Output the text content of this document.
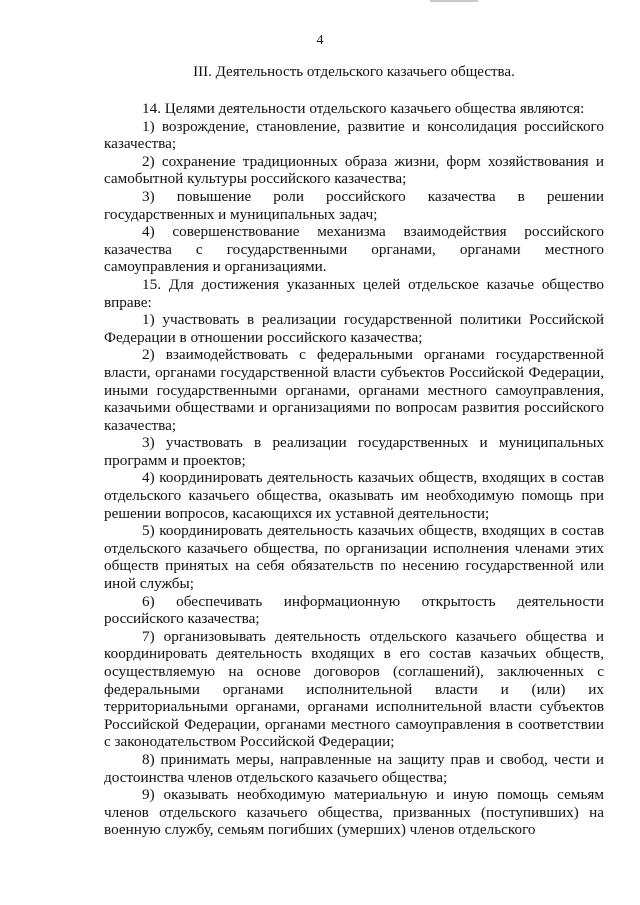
4
III. Деятельность отдельского казачьего общества.

14. Целями деятельности отдельского казачьего общества являются:

1) возрождение, становление, развитие и консолидация российского казачества;

2) сохранение традиционных образа жизни, форм хозяйствования и самобытной культуры российского казачества;

3) повышение роли российского казачества в решении государственных и муниципальных задач;

4) совершенствование механизма взаимодействия российского казачества с государственными органами, органами местного самоуправления и организациями.

15. Для достижения указанных целей отдельское казачье общество вправе:

1) участвовать в реализации государственной политики Российской Федерации в отношении российского казачества;

2) взаимодействовать с федеральными органами государственной власти, органами государственной власти субъектов Российской Федерации, иными государственными органами, органами местного самоуправления, казачьими обществами и организациями по вопросам развития российского казачества;

3) участвовать в реализации государственных и муниципальных программ и проектов;

4) координировать деятельность казачьих обществ, входящих в состав отдельского казачьего общества, оказывать им необходимую помощь при решении вопросов, касающихся их уставной деятельности;

5) координировать деятельность казачьих обществ, входящих в состав отдельского казачьего общества, по организации исполнения членами этих обществ принятых на себя обязательств по несению государственной или иной службы;

6) обеспечивать информационную открытость деятельности российского казачества;

7) организовывать деятельность отдельского казачьего общества и координировать деятельность входящих в его состав казачьих обществ, осуществляемую на основе договоров (соглашений), заключенных с федеральными органами исполнительной власти и (или) их территориальными органами, органами исполнительной власти субъектов Российской Федерации, органами местного самоуправления в соответствии с законодательством Российской Федерации;

8) принимать меры, направленные на защиту прав и свобод, чести и достоинства членов отдельского казачьего общества;

9) оказывать необходимую материальную и иную помощь семьям членов отдельского казачьего общества, призванных (поступивших) на военную службу, семьям погибших (умерших) членов отдельского
